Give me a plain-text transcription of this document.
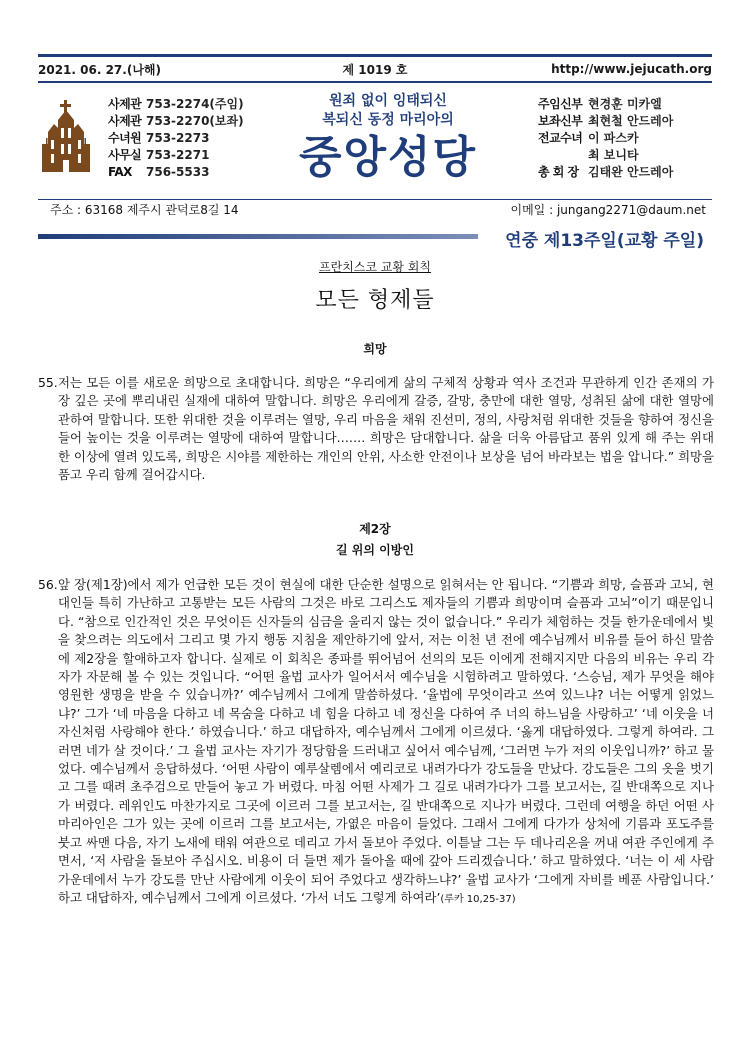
2021. 06. 27.(나해)	제 1019 호	http://www.jejucath.org
사제관 753-2274(주임)
사제관 753-2270(보좌)
수녀원 753-2273
사무실 753-2271
FAX	756-5533
원죄 없이 잉태되신
복되신 동정 마리아의
중앙성당
주임신부 현경훈 미카엘
보좌신부 최현철 안드레아
전교수녀 이 파스카
최 보니타
총 회 장 김태완 안드레아
주소 : 63168 제주시 관덕로8길 14	이메일 : jungang2271@daum.net
연중 제13주일(교황 주일)
프란치스코 교황 회칙
모든 형제들
희망
55. 저는 모든 이를 새로운 희망으로 초대합니다. 희망은 “우리에게 삶의 구체적 상황과 역사 조건과 무관하게 인간 존재의 가장 깊은 곳에 뿌리내린 실재에 대하여 말합니다. 희망은 우리에게 갈증, 갈망, 충만에 대한 열망, 성취된 삶에 대한 열망에 관하여 말합니다. 또한 위대한 것을 이루려는 열망, 우리 마음을 채워 진선미, 정의, 사랑처럼 위대한 것들을 향하여 정신을 들어 높이는 것을 이루려는 열망에 대하여 말합니다.…… 희망은 담대합니다. 삶을 더욱 아름답고 품위 있게 해 주는 위대한 이상에 열려 있도록, 희망은 시야를 제한하는 개인의 안위, 사소한 안전이나 보상을 넘어 바라보는 법을 압니다.” 희망을 품고 우리 함께 걸어갑시다.
제2장
길 위의 이방인
56. 앞 장(제1장)에서 제가 언급한 모든 것이 현실에 대한 단순한 설명으로 읽혀서는 안 됩니다. “기쁨과 희망, 슬픔과 고뇌, 현대인들 특히 가난하고 고통받는 모든 사람의 그것은 바로 그리스도 제자들의 기쁨과 희망이며 슬픔과 고뇌”이기 때문입니다. “참으로 인간적인 것은 무엇이든 신자들의 심금을 울리지 않는 것이 없습니다.” 우리가 체험하는 것들 한가운데에서 빛을 찾으려는 의도에서 그리고 몇 가지 행동 지침을 제안하기에 앞서, 저는 이천 년 전에 예수님께서 비유를 들어 하신 말씀에 제2장을 할애하고자 합니다. 실제로 이 회칙은 종파를 뛰어넘어 선의의 모든 이에게 전해지지만 다음의 비유는 우리 각자가 자문해 볼 수 있는 것입니다. “어떤 율법 교사가 일어서서 예수님을 시험하려고 말하였다. ‘스승님, 제가 무엇을 해야 영원한 생명을 받을 수 있습니까?’ 예수님께서 그에게 말씀하셨다. ‘율법에 무엇이라고 쓰여 있느냐? 너는 어떻게 읽었느냐?’ 그가 ‘네 마음을 다하고 네 목숨을 다하고 네 힘을 다하고 네 정신을 다하여 주 너의 하느님을 사랑하고’ ‘네 이웃을 너 자신처럼 사랑해야 한다.’ 하였습니다.’ 하고 대답하자, 예수님께서 그에게 이르셨다. ‘옳게 대답하였다. 그렇게 하여라. 그러면 네가 살 것이다.’ 그 율법 교사는 자기가 정당함을 드러내고 싶어서 예수님께, ‘그러면 누가 저의 이웃입니까?’ 하고 물었다. 예수님께서 응답하셨다. ‘어떤 사람이 예루살렘에서 예리코로 내려가다가 강도들을 만났다. 강도들은 그의 옷을 벗기고 그를 때려 초주검으로 만들어 놓고 가 버렸다. 마침 어떤 사제가 그 길로 내려가다가 그를 보고서는, 길 반대쪽으로 지나가 버렸다. 레위인도 마찬가지로 그곳에 이르러 그를 보고서는, 길 반대쪽으로 지나가 버렸다. 그런데 여행을 하던 어떤 사마리아인은 그가 있는 곳에 이르러 그를 보고서는, 가엾은 마음이 들었다. 그래서 그에게 다가가 상처에 기름과 포도주를 붓고 싸맨 다음, 자기 노새에 태워 여관으로 데리고 가서 돌보아 주었다. 이튿날 그는 두 데나리온을 꺼내 여관 주인에게 주면서, ‘저 사람을 돌보아 주십시오. 비용이 더 들면 제가 돌아올 때에 갚아 드리겠습니다.’ 하고 말하였다. ‘너는 이 세 사람 가운데에서 누가 강도를 만난 사람에게 이웃이 되어 주었다고 생각하느냐?’ 율법 교사가 ‘그에게 자비를 베푼 사람입니다.’ 하고 대답하자, 예수님께서 그에게 이르셨다. ‘가서 너도 그렇게 하여라’(루카 10,25-37)
